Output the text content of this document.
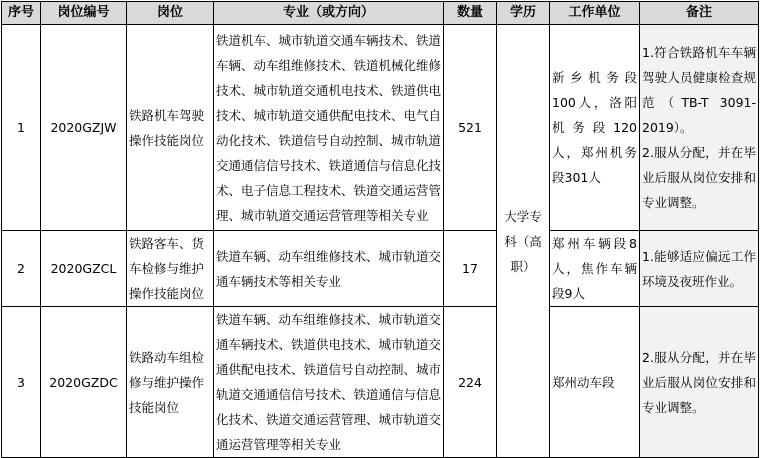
序号	岗位编号	岗位	专业（或方向）	数量	学历	工作单位	备注
1	2020GZJW	铁路机车驾驶操作技能岗位	铁道机车、城市轨道交通车辆技术、铁道车辆、动车组维修技术、铁道机械化维修技术、城市轨道交通机电技术、铁道供电技术、城市轨道交通供配电技术、电气自动化技术、铁道信号自动控制、城市轨道交通通信信号技术、铁道通信与信息化技术、电子信息工程技术、铁道交通运营管理、城市轨道交通运营管理等相关专业	521	大学专科（高职）	新乡机务段100人，洛阳机务段120人，郑州机务段301人	1.符合铁路机车车辆驾驶人员健康检查规范（TB-T 3091-2019）。
2.服从分配，并在毕业后服从岗位安排和专业调整。
2	2020GZCL	铁路客车、货车检修与维护操作技能岗位	铁道车辆、动车组维修技术、城市轨道交通车辆技术等相关专业	17		郑州车辆段8人，焦作车辆段9人	1.能够适应偏远工作环境及夜班作业。
3	2020GZDC	铁路动车组检修与维护操作技能岗位	铁道车辆、动车组维修技术、城市轨道交通车辆技术、铁道供电技术、城市轨道交通供配电技术、铁道信号自动控制、城市轨道交通通信信号技术、铁道通信与信息化技术、铁道交通运营管理、城市轨道交通运营管理等相关专业	224		郑州动车段	2.服从分配，并在毕业后服从岗位安排和专业调整。
